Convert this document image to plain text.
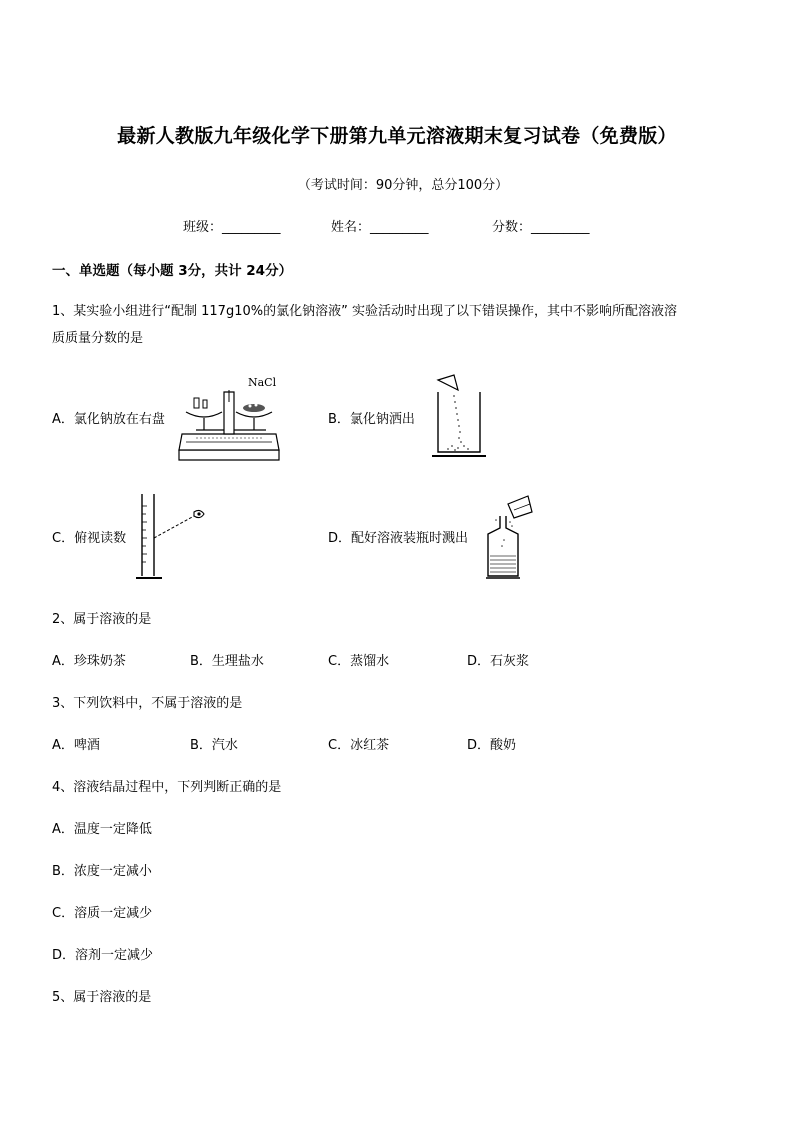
最新人教版九年级化学下册第九单元溶液期末复习试卷（免费版）
（考试时间：90分钟，总分100分）
班级：_________	姓名：_________	分数：_________
一、单选题（每小题 3分，共计 24分）
1、某实验小组进行“配制 117g10%的氯化钠溶液” 实验活动时出现了以下错误操作，其中不影响所配溶液溶
质质量分数的是
A．氯化钠放在右盘	B．氯化钠洒出
C．俯视读数	D．配好溶液装瓶时溅出
NaCl
2、属于溶液的是
A．珍珠奶茶	B．生理盐水	C．蒸馏水	D．石灰浆
3、下列饮料中，不属于溶液的是
A．啤酒	B．汽水	C．冰红茶	D．酸奶
4、溶液结晶过程中，下列判断正确的是
A．温度一定降低
B．浓度一定减小
C．溶质一定减少
D．溶剂一定减少
5、属于溶液的是
